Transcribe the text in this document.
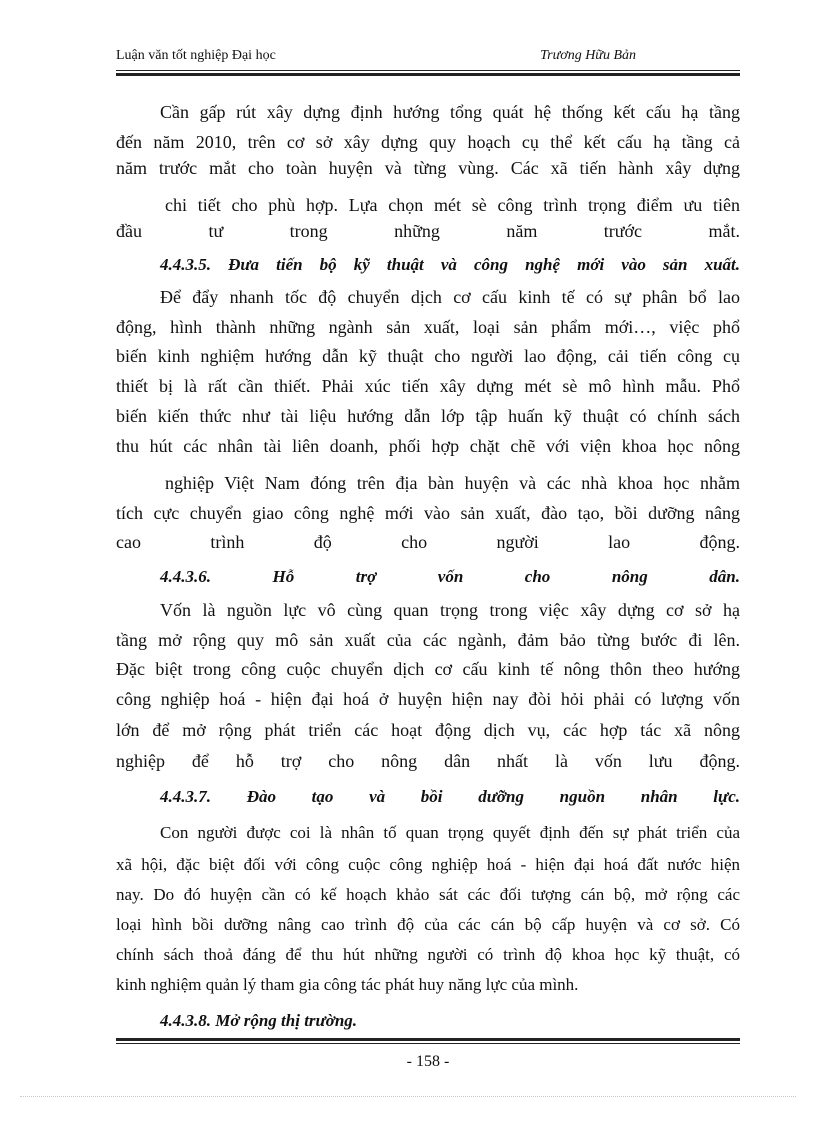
Luận văn tốt nghiệp Đại học	Trương Hữu Bản
Cần gấp rút xây dựng định hướng tổng quát hệ thống kết cấu hạ tầng
đến năm 2010, trên cơ sở xây dựng quy hoạch cụ thể kết cấu hạ tầng cả
năm trước mắt cho toàn huyện và từng vùng. Các xã tiến hành xây dựng
chi tiết cho phù hợp. Lựa chọn mét sè công trình trọng điểm ưu tiên
đầu tư trong những năm trước mắt.
4.4.3.5. Đưa tiến bộ kỹ thuật và công nghệ mới vào sản xuất.
Để đẩy nhanh tốc độ chuyển dịch cơ cấu kinh tế có sự phân bổ lao
động, hình thành những ngành sản xuất, loại sản phẩm mới…, việc phổ
biến kinh nghiệm hướng dẫn kỹ thuật cho người lao động, cải tiến công cụ
thiết bị là rất cần thiết. Phải xúc tiến xây dựng mét sè mô hình mẫu. Phổ
biến kiến thức như tài liệu hướng dẫn lớp tập huấn kỹ thuật có chính sách
thu hút các nhân tài liên doanh, phối hợp chặt chẽ với viện khoa học nông
nghiệp Việt Nam đóng trên địa bàn huyện và các nhà khoa học nhằm
tích cực chuyển giao công nghệ mới vào sản xuất, đào tạo, bồi dưỡng nâng
cao trình độ cho người lao động.
4.4.3.6. Hỗ trợ vốn cho nông dân.
Vốn là nguồn lực vô cùng quan trọng trong việc xây dựng cơ sở hạ
tầng mở rộng quy mô sản xuất của các ngành, đảm bảo từng bước đi lên.
Đặc biệt trong công cuộc chuyển dịch cơ cấu kinh tế nông thôn theo hướng
công nghiệp hoá - hiện đại hoá ở huyện hiện nay đòi hỏi phải có lượng vốn
lớn để mở rộng phát triển các hoạt động dịch vụ, các hợp tác xã nông
nghiệp để hỗ trợ cho nông dân nhất là vốn lưu động.
4.4.3.7. Đào tạo và bồi dưỡng nguồn nhân lực.
Con người được coi là nhân tố quan trọng quyết định đến sự phát triển của
xã hội, đặc biệt đối với công cuộc công nghiệp hoá - hiện đại hoá đất nước hiện
nay. Do đó huyện cần có kế hoạch khảo sát các đối tượng cán bộ, mở rộng các
loại hình bồi dưỡng nâng cao trình độ của các cán bộ cấp huyện và cơ sở. Có
chính sách thoả đáng để thu hút những người có trình độ khoa học kỹ thuật, có
kinh nghiệm quản lý tham gia công tác phát huy năng lực của mình.
4.4.3.8. Mở rộng thị trường.
- 158 -
